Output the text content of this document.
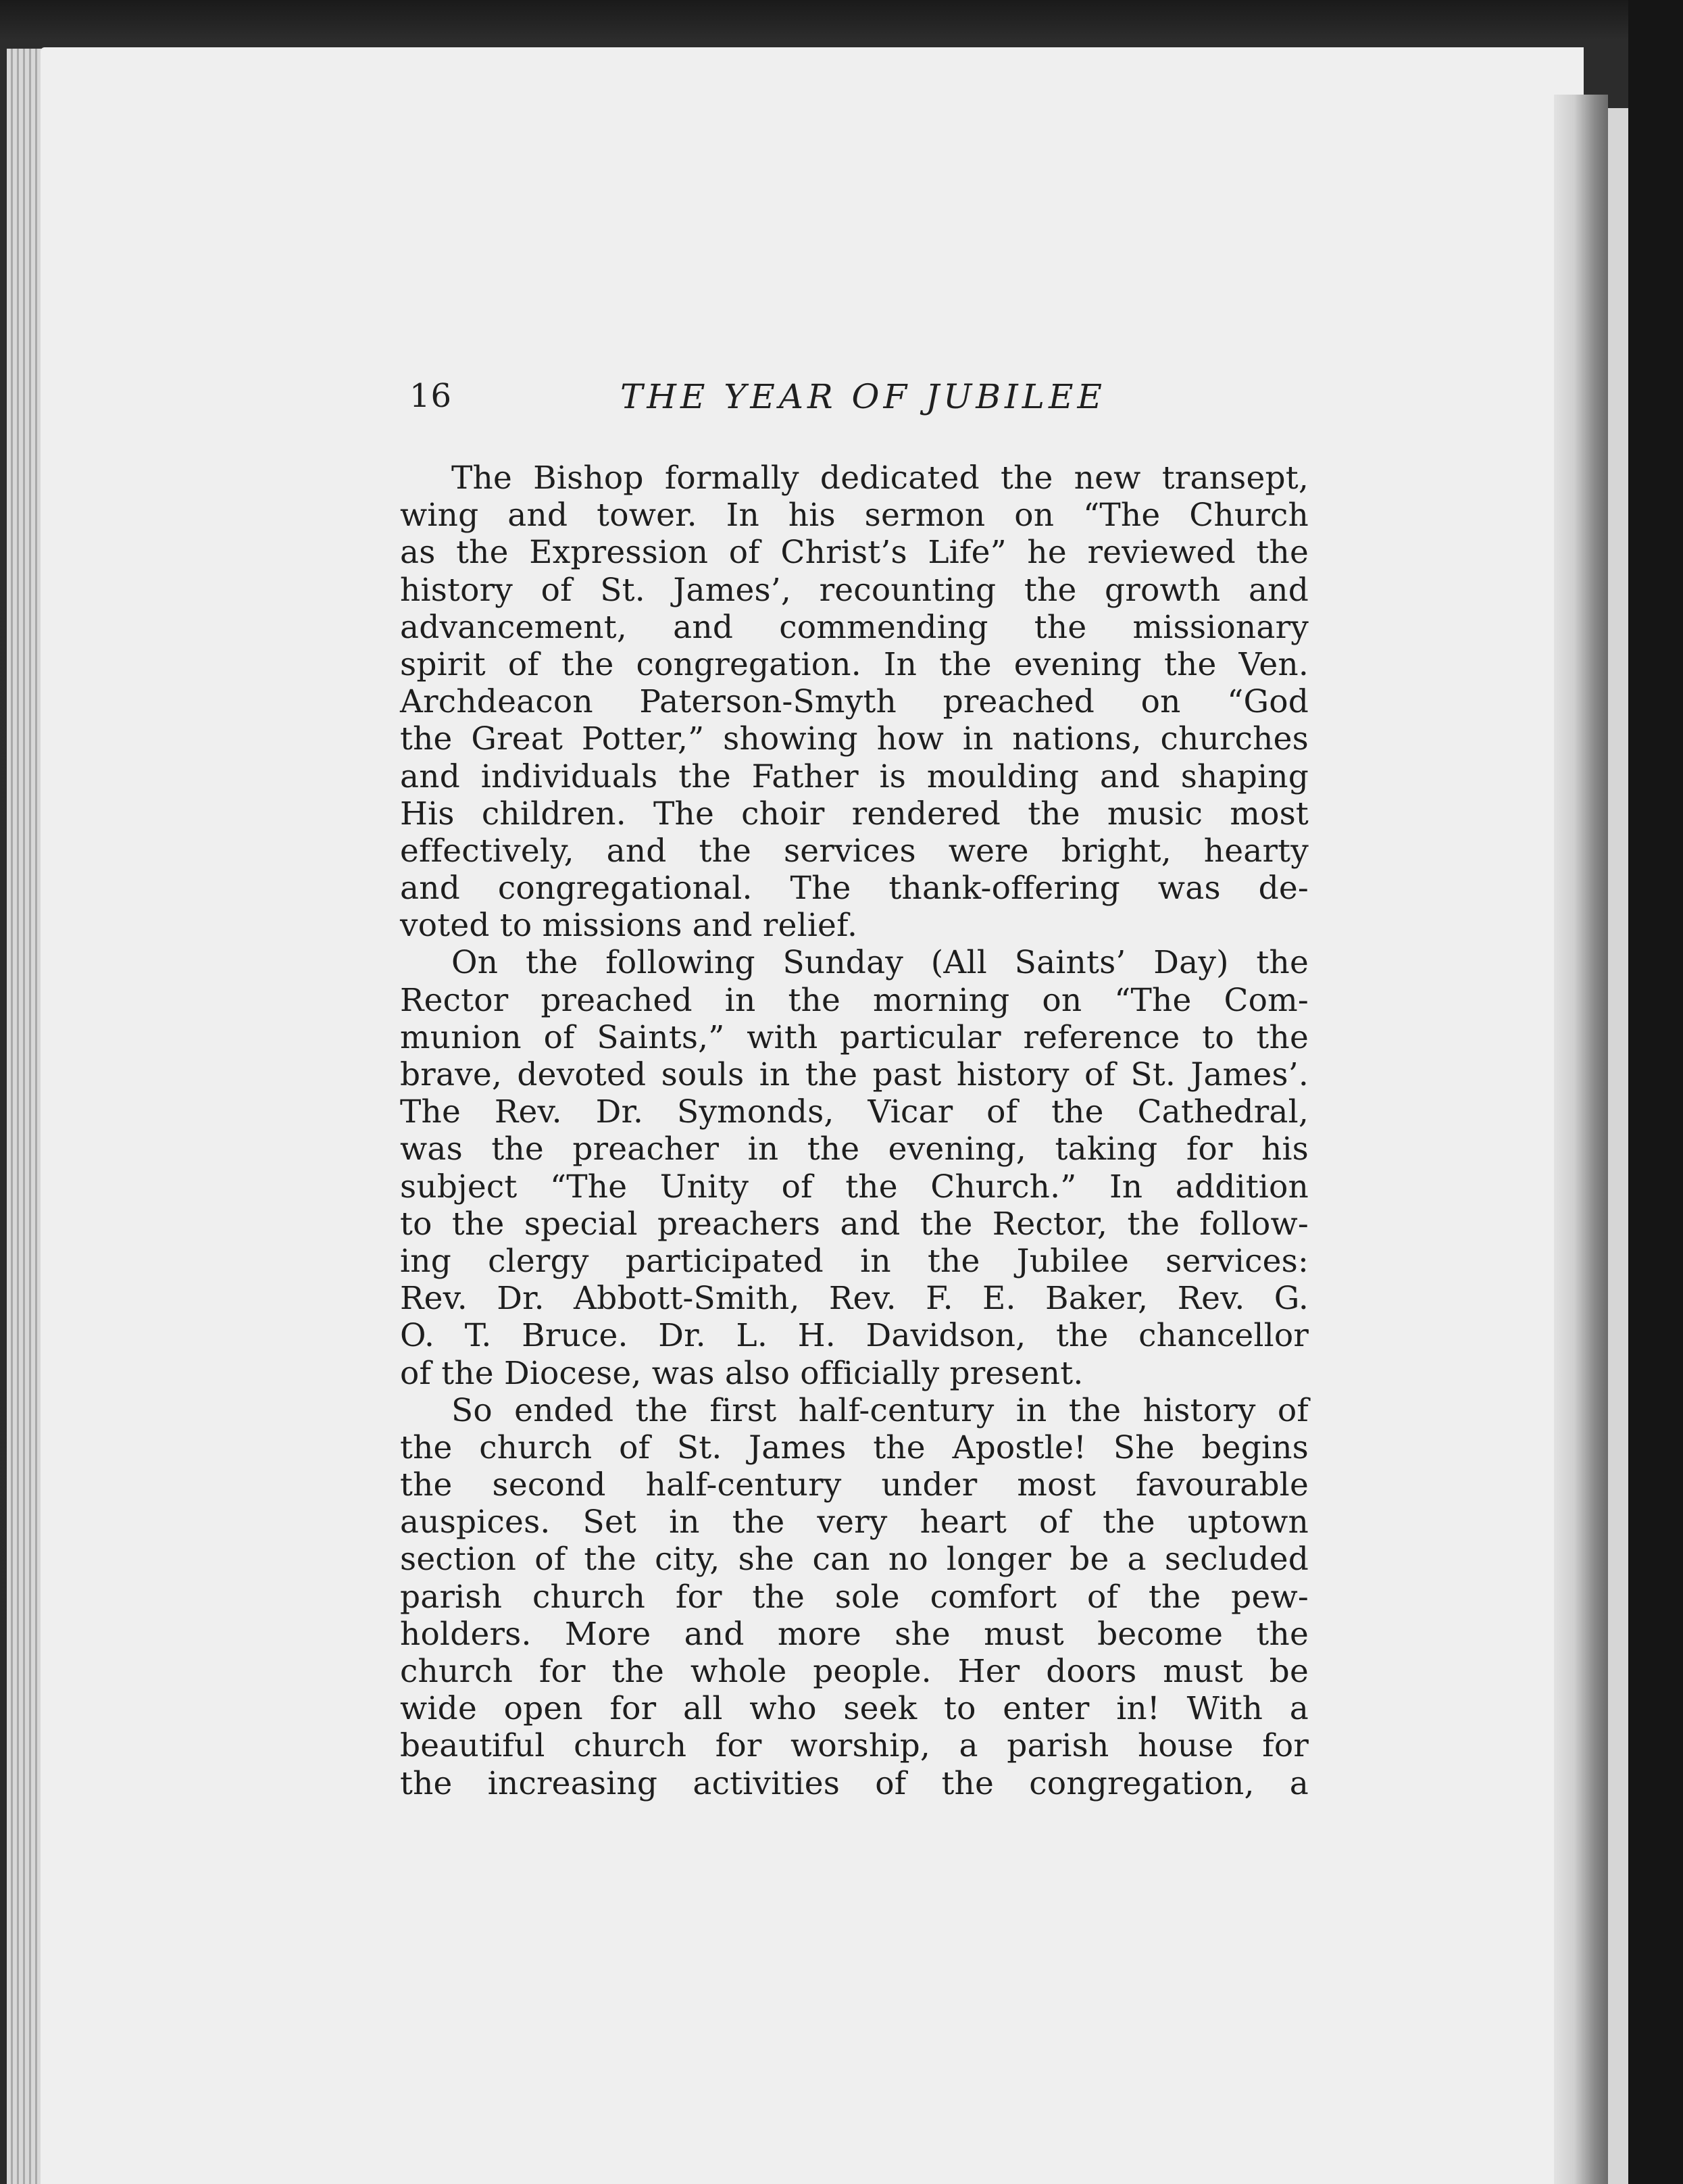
16	THE YEAR OF JUBILEE
The Bishop formally dedicated the new transept,
wing and tower. In his sermon on “The Church
as the Expression of Christ’s Life” he reviewed the
history of St. James’, recounting the growth and
advancement, and commending the missionary
spirit of the congregation. In the evening the Ven.
Archdeacon Paterson-Smyth preached on “God
the Great Potter,” showing how in nations, churches
and individuals the Father is moulding and shaping
His children. The choir rendered the music most
effectively, and the services were bright, hearty
and congregational. The thank-offering was de-
voted to missions and relief.
On the following Sunday (All Saints’ Day) the
Rector preached in the morning on “The Com-
munion of Saints,” with particular reference to the
brave, devoted souls in the past history of St. James’.
The Rev. Dr. Symonds, Vicar of the Cathedral,
was the preacher in the evening, taking for his
subject “The Unity of the Church.” In addition
to the special preachers and the Rector, the follow-
ing clergy participated in the Jubilee services:
Rev. Dr. Abbott-Smith, Rev. F. E. Baker, Rev. G.
O. T. Bruce. Dr. L. H. Davidson, the chancellor
of the Diocese, was also officially present.
So ended the first half-century in the history of
the church of St. James the Apostle! She begins
the second half-century under most favourable
auspices. Set in the very heart of the uptown
section of the city, she can no longer be a secluded
parish church for the sole comfort of the pew-
holders. More and more she must become the
church for the whole people. Her doors must be
wide open for all who seek to enter in! With a
beautiful church for worship, a parish house for
the increasing activities of the congregation, a
